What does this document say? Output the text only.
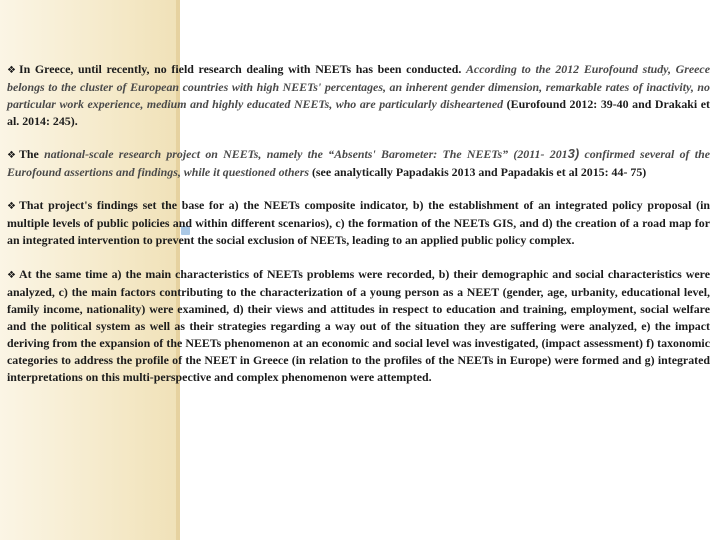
❖ In Greece, until recently, no field research dealing with NEETs has been conducted. According to the 2012 Eurofound study, Greece belongs to the cluster of European countries with high NEETs' percentages, an inherent gender dimension, remarkable rates of inactivity, no particular work experience, medium and highly educated NEETs, who are particularly disheartened (Eurofound 2012: 39-40 and Drakaki et al. 2014: 245).

❖ The national-scale research project on NEETs, namely the “Absents' Barometer: The NEETs” (2011- 2013) confirmed several of the Eurofound assertions and findings, while it questioned others (see analytically Papadakis 2013 and Papadakis et al 2015: 44- 75)

❖ That project's findings set the base for a) the NEETs composite indicator, b) the establishment of an integrated policy proposal (in multiple levels of public policies and within different scenarios), c) the formation of the NEETs GIS, and d) the creation of a road map for an integrated intervention to prevent the social exclusion of NEETs, leading to an applied public policy complex.

❖ At the same time a) the main characteristics of NEETs problems were recorded, b) their demographic and social characteristics were analyzed, c) the main factors contributing to the characterization of a young person as a NEET (gender, age, urbanity, educational level, family income, nationality) were examined, d) their views and attitudes in respect to education and training, employment, social welfare and the political system as well as their strategies regarding a way out of the situation they are suffering were analyzed, e) the impact deriving from the expansion of the NEETs phenomenon at an economic and social level was investigated, (impact assessment) f) taxonomic categories to address the profile of the NEET in Greece (in relation to the profiles of the NEETs in Europe) were formed and g) integrated interpretations on this multi-perspective and complex phenomenon were attempted.
